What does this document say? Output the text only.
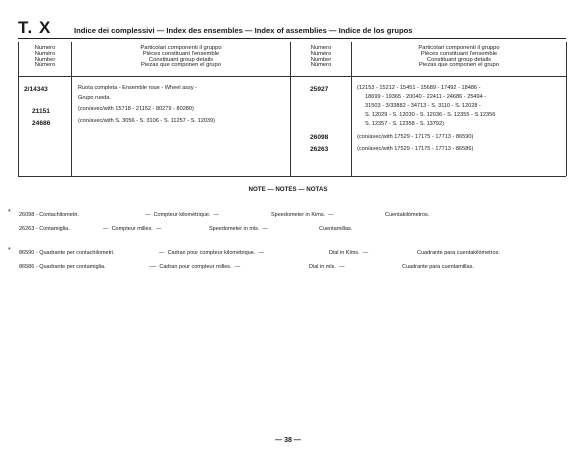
T. X	Indice dei complessivi — Index des ensembles — Index of assemblies — Indice de los grupos
Numero
Numéro
Number
Número
Particolari componenti il gruppo
Pièces constituant l'ensemble
Constituant group details
Piezas que componen el grupo
Numero
Numéro
Number
Número
Particolari componenti il gruppo
Pièces constituant l'ensemble
Constituant group details
Piezas que componen el grupo
2/14343	Ruota completa - Ensemble roue - Wheel assy -
Grupo rueda.
21151	(con/avec/with 15718 - 21152 - 80279 - 80280)
24686	(con/avec/with S. 3056 - S. 3106 - S. 11257 - S. 12039)
25927	(12153 - 15212 - 15451 - 15689 - 17492 - 18486 -
18699 - 19365 - 20040 - 22411 - 24686 - 25494 -
31503 - 3/33882 - 34713 - S. 3110 - S. 12028 -
S. 12029 - S. 12030 - S. 12036 - S. 12355 - S.12356
S. 12357 - S. 12358 - S. 13792)
26098	(con/avec/with 17529 - 17175 - 17713 - 86590)
26263	(con/avec/with 17529 - 17175 - 17713 - 86586)
NOTE — NOTES — NOTAS
* 26098 - Contachilometri.	—  Compteur kilométrique.  —	Speedometer in Kims.  —	Cuentakilómetros.
26263 - Contamiglia.	—  Compteur milles.  —	Speedometer in mls.  —	Cuentamillas.
* 86590 - Quadrante per contachilometri.	—  Cadran pour compteur kilométrique.  —	Dial in Klms.  —	Cuadrante para cuentakilómetros.
86586 - Quadrante per contamiglia.	-—  Cadran pour compteur milles.  —	Dial in mls.  —	Cuadrante para cuentamillas.
— 38 —
